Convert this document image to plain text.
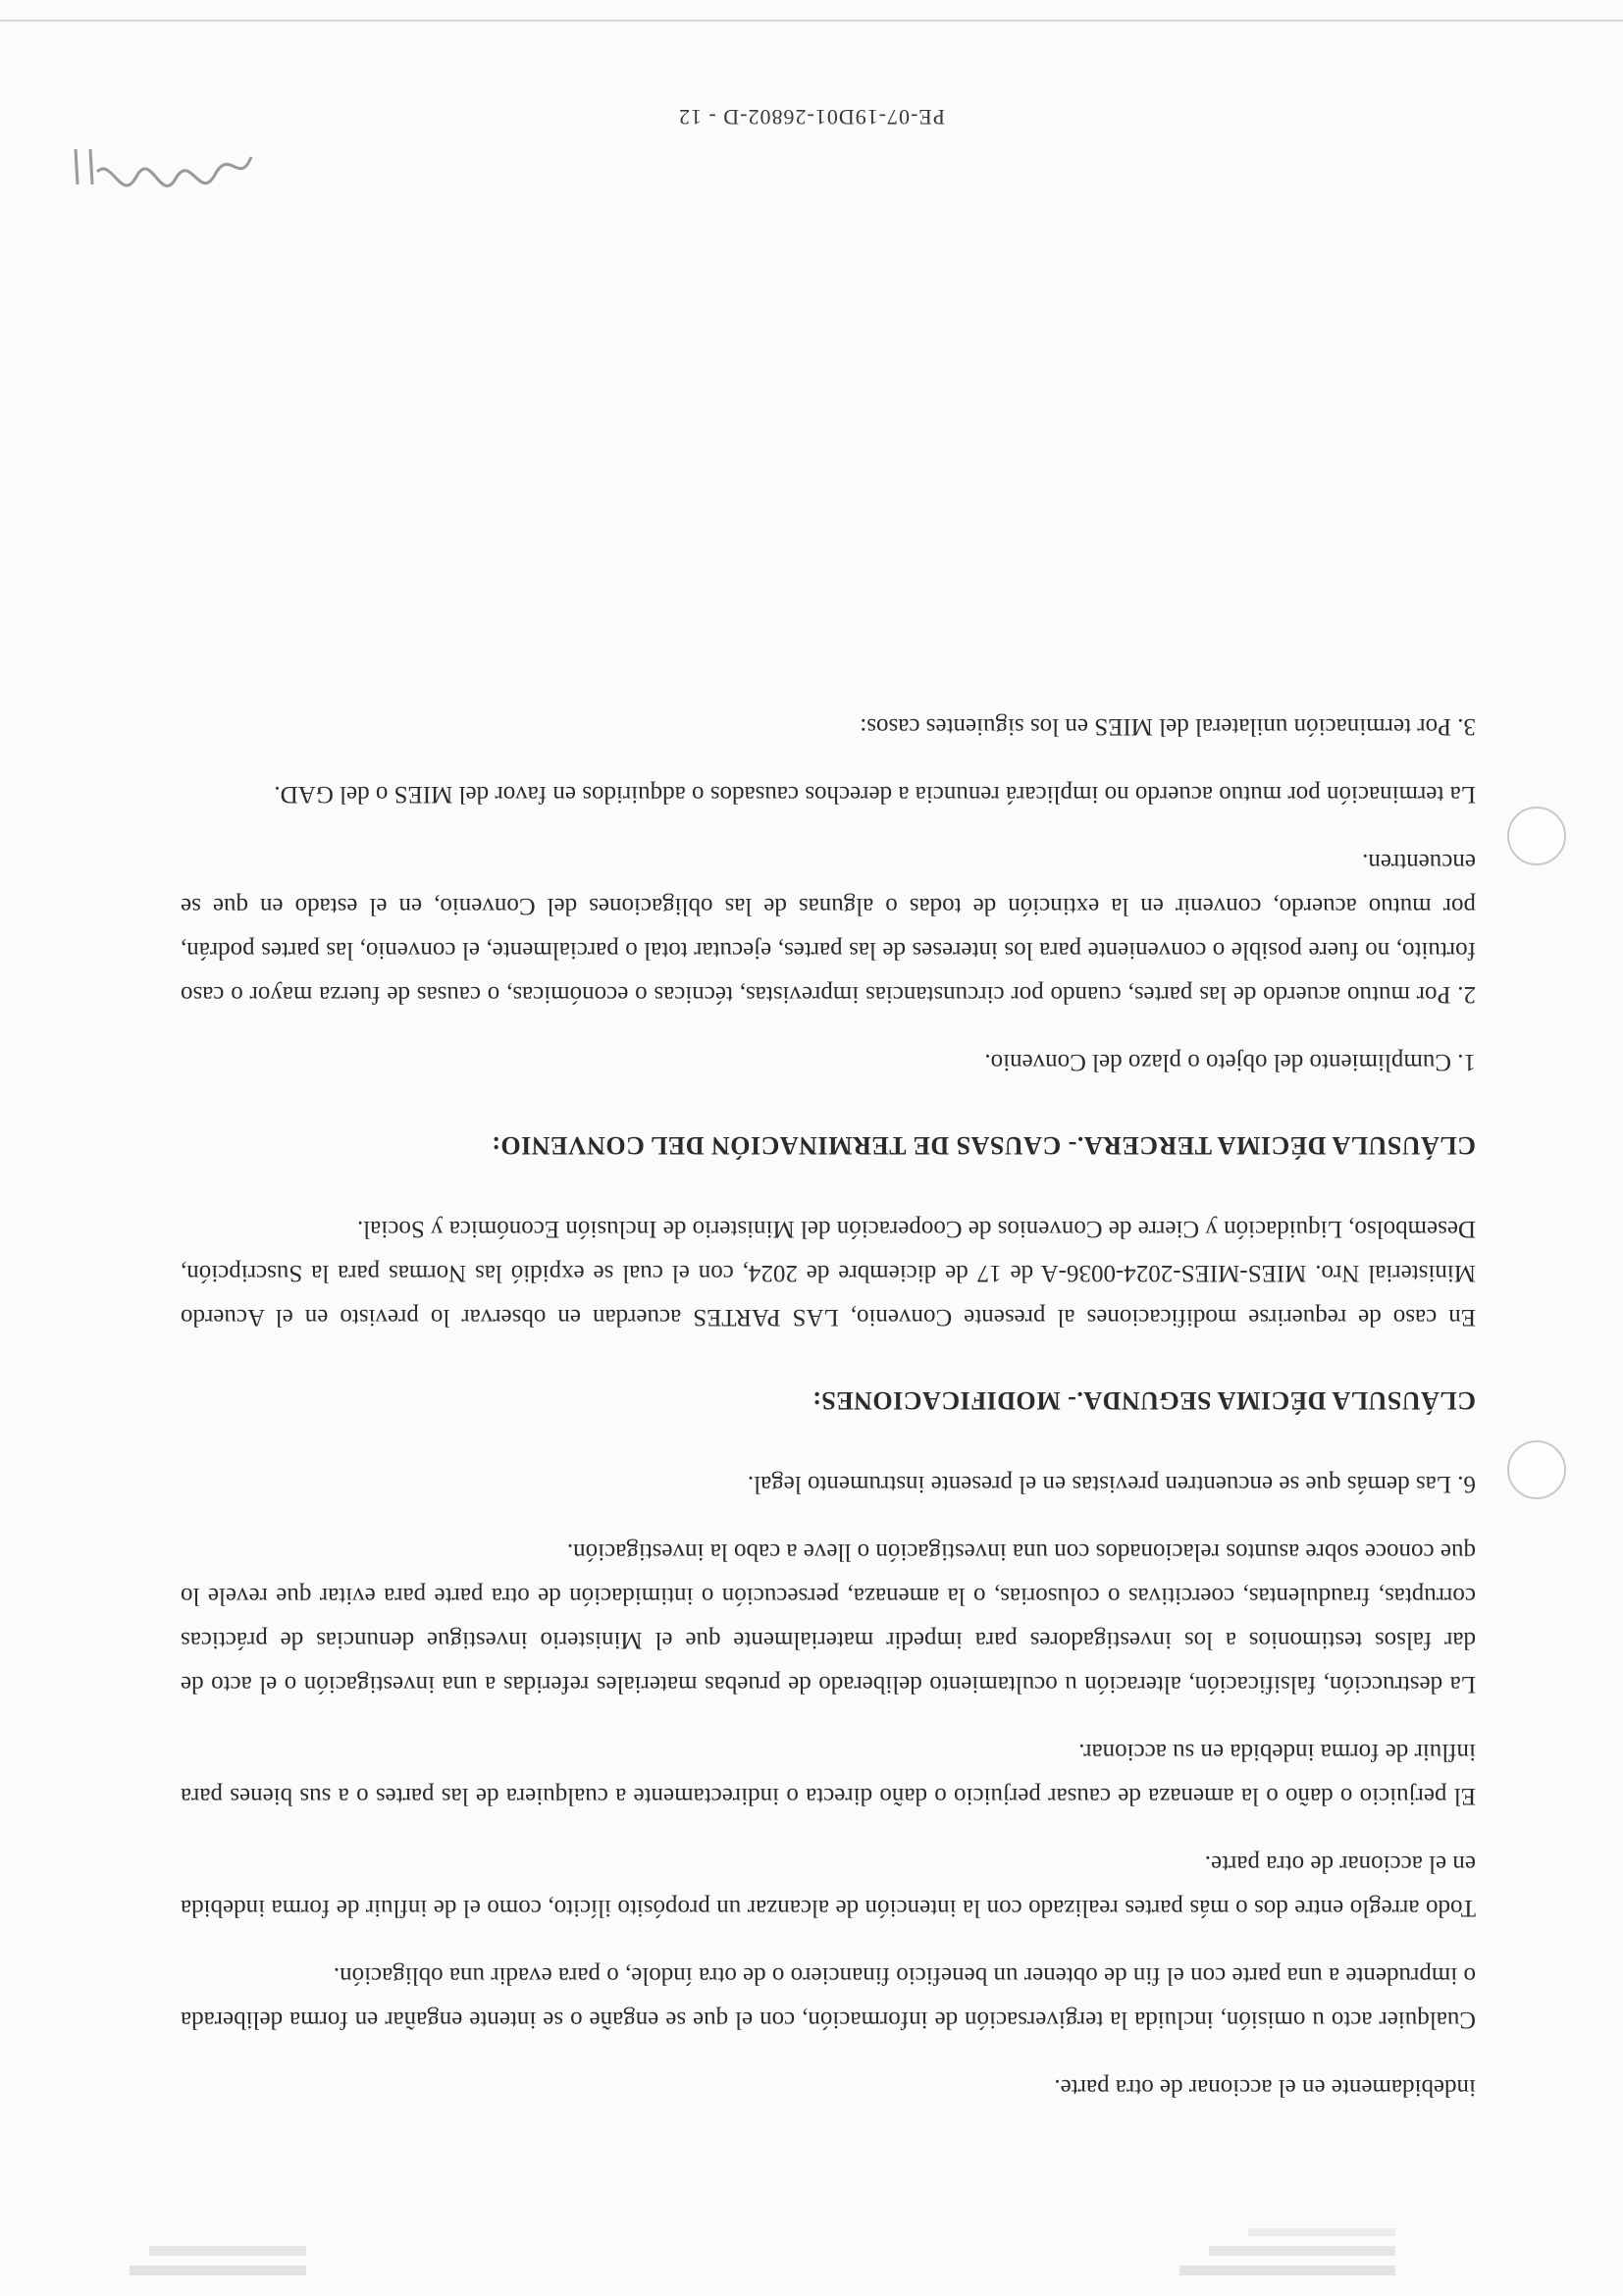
indebidamente en el accionar de otra parte.

Cualquier acto u omisión, incluida la tergiversación de información, con el que se engañe o se intente engañar en forma deliberada o imprudente a una parte con el fin de obtener un beneficio financiero o de otra índole, o para evadir una obligación.

Todo arreglo entre dos o más partes realizado con la intención de alcanzar un propósito ilícito, como el de influir de forma indebida en el accionar de otra parte.

El perjuicio o daño o la amenaza de causar perjuicio o daño directa o indirectamente a cualquiera de las partes o a sus bienes para influir de forma indebida en su accionar.

La destrucción, falsificación, alteración u ocultamiento deliberado de pruebas materiales referidas a una investigación o el acto de dar falsos testimonios a los investigadores para impedir materialmente que el Ministerio investigue denuncias de prácticas corruptas, fraudulentas, coercitivas o colusorias, o la amenaza, persecución o intimidación de otra parte para evitar que revele lo que conoce sobre asuntos relacionados con una investigación o lleve a cabo la investigación.

6. Las demás que se encuentren previstas en el presente instrumento legal.

CLÁUSULA DÉCIMA SEGUNDA.- MODIFICACIONES:

En caso de requerirse modificaciones al presente Convenio, LAS PARTES acuerdan en observar lo previsto en el Acuerdo Ministerial Nro. MIES-MIES-2024-0036-A de 17 de diciembre de 2024, con el cual se expidió las Normas para la Suscripción, Desembolso, Liquidación y Cierre de Convenios de Cooperación del Ministerio de Inclusión Económica y Social.

CLÁUSULA DÉCIMA TERCERA.- CAUSAS DE TERMINACIÓN DEL CONVENIO:

1. Cumplimiento del objeto o plazo del Convenio.

2. Por mutuo acuerdo de las partes, cuando por circunstancias imprevistas, técnicas o económicas, o causas de fuerza mayor o caso fortuito, no fuere posible o conveniente para los intereses de las partes, ejecutar total o parcialmente, el convenio, las partes podrán, por mutuo acuerdo, convenir en la extinción de todas o algunas de las obligaciones del Convenio, en el estado en que se encuentren.

La terminación por mutuo acuerdo no implicará renuncia a derechos causados o adquiridos en favor del MIES o del GAD.

3. Por terminación unilateral del MIES en los siguientes casos:

PE-07-19D01-26802-D - 12
